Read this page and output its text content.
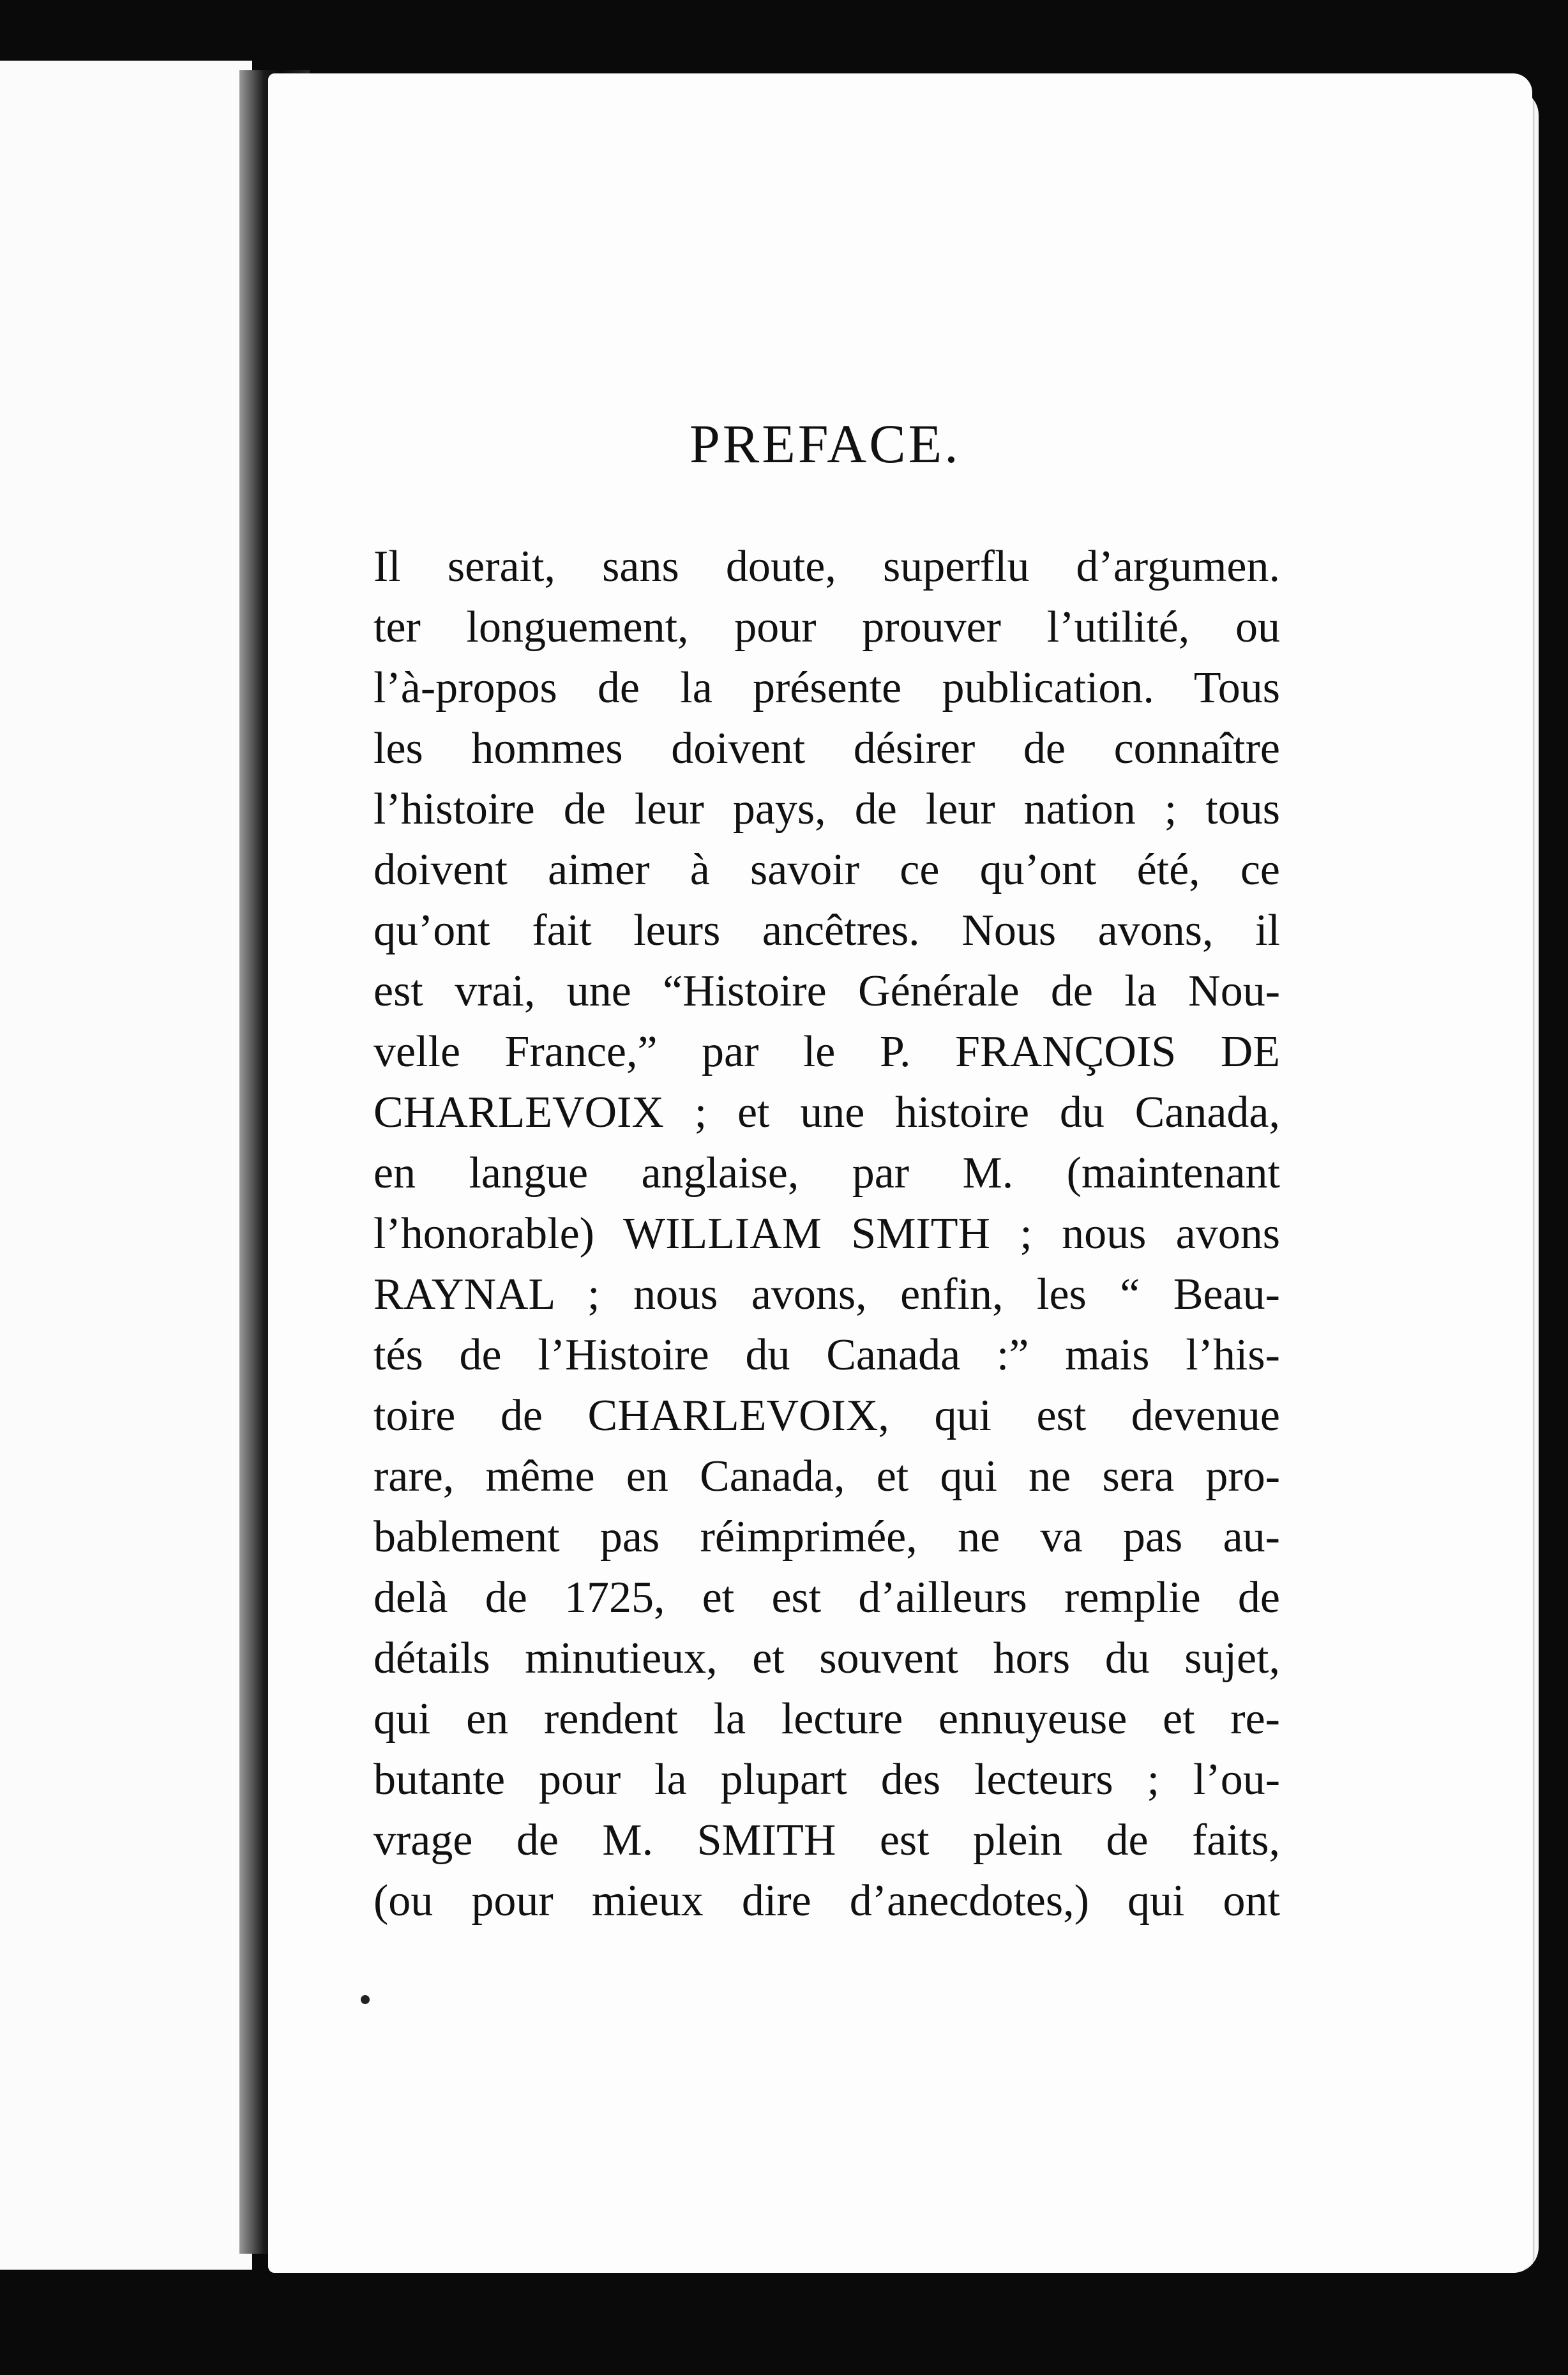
PREFACE.
Il serait, sans doute, superflu d’argumen.
ter longuement, pour prouver l’utilité, ou
l’à-propos de la présente publication. Tous
les hommes doivent désirer de connaître
l’histoire de leur pays, de leur nation ; tous
doivent aimer à savoir ce qu’ont été, ce
qu’ont fait leurs ancêtres. Nous avons, il
est vrai, une “Histoire Générale de la Nou-
velle France,” par le P. FRANÇOIS DE
CHARLEVOIX ; et une histoire du Canada,
en langue anglaise, par M. (maintenant
l’honorable) WILLIAM SMITH ; nous avons
RAYNAL ; nous avons, enfin, les “ Beau-
tés de l’Histoire du Canada :” mais l’his-
toire de CHARLEVOIX, qui est devenue
rare, même en Canada, et qui ne sera pro-
bablement pas réimprimée, ne va pas au-
delà de 1725, et est d’ailleurs remplie de
détails minutieux, et souvent hors du sujet,
qui en rendent la lecture ennuyeuse et re-
butante pour la plupart des lecteurs ; l’ou-
vrage de M. SMITH est plein de faits,
(ou pour mieux dire d’anecdotes,) qui ont
